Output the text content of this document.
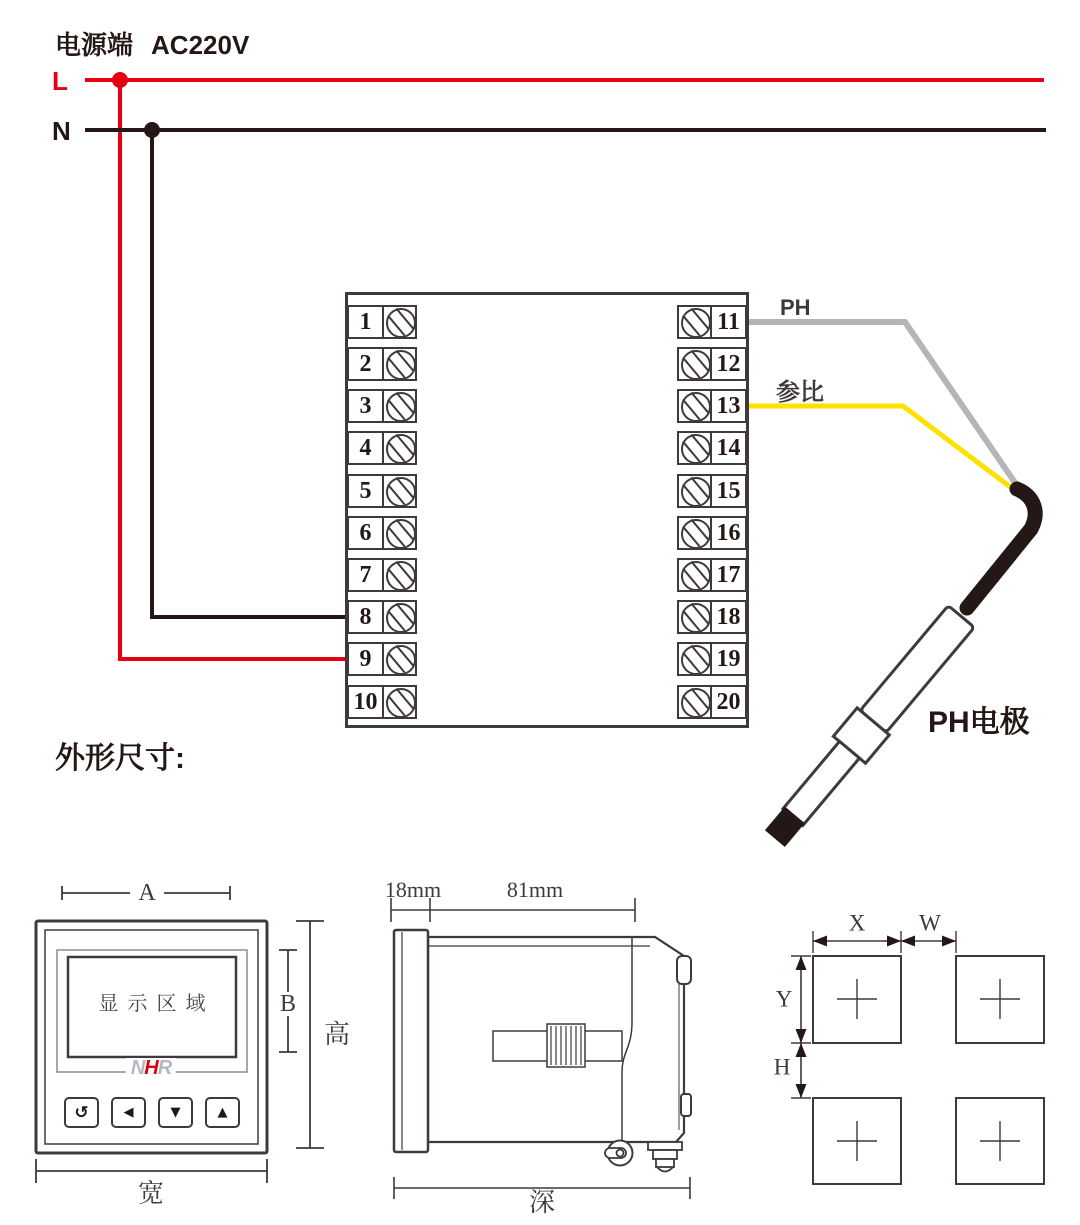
电源端 AC220V
L
N
1
2
3
4
5
6
7
8
9
10
11
12
13
14
15
16
17
18
19
20
PH
参比
PH电极
外形尺寸:
A
B
高
宽
显示区域
NHR
↺	◀	▼	▲
18mm	81mm
深
X W
Y
H
